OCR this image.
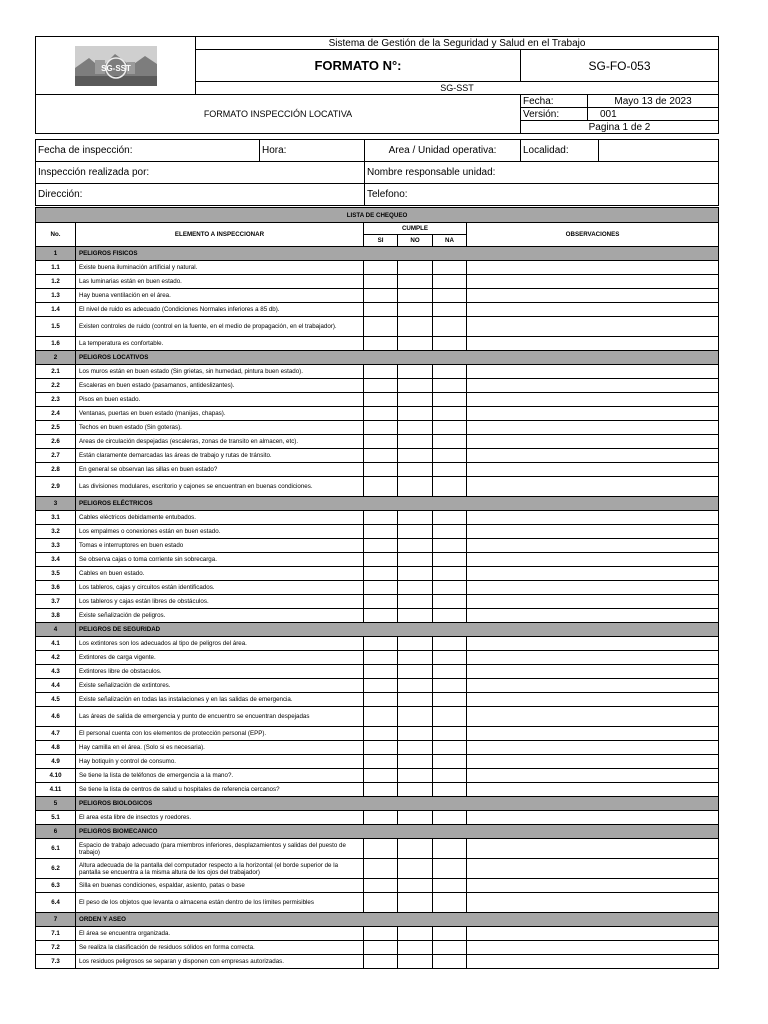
SG-SST	Sistema de Gestión de la Seguridad y Salud en el Trabajo		
	FORMATO N°:	SG-FO-053	
	SG-SST		
FORMATO INSPECCIÓN LOCATIVA		Fecha:	Mayo 13 de 2023
		Versión:	001
		Pagina 1 de 2	
Fecha de inspección:	Hora:	Area / Unidad operativa:	Localidad:	
Inspección realizada por:		Nombre responsable unidad:		
Dirección:		Telefono:		
LISTA DE CHEQUEO					
No.	ELEMENTO A INSPECCIONAR	CUMPLE			OBSERVACIONES
		SI	NO	NA	
1	PELIGROS FISICOS				
1.1	Existe buena iluminación artificial y natural.				
1.2	Las luminarias están en buen estado.				
1.3	Hay buena ventilación en el área.				
1.4	El nivel de ruido es adecuado (Condiciones Normales inferiores a 85 db).				
1.5	Existen controles de ruido (control en la fuente, en el medio de propagación, en el trabajador).				
1.6	La temperatura es confortable.				
2	PELIGROS LOCATIVOS				
2.1	Los muros están en buen estado (Sin grietas, sin humedad, pintura buen estado).				
2.2	Escaleras en buen estado (pasamanos, antideslizantes).				
2.3	Pisos en buen estado.				
2.4	Ventanas, puertas en buen estado (manijas, chapas).				
2.5	Techos en buen estado (Sin goteras).				
2.6	Areas de circulación despejadas (escaleras, zonas de transito en almacen, etc).				
2.7	Están claramente demarcadas las áreas de trabajo y rutas de tránsito.				
2.8	En general se observan las sillas en buen estado?				
2.9	Las divisiones modulares, escritorio y cajones se encuentran en buenas condiciones.				
3	PELIGROS ELÉCTRICOS				
3.1	Cables eléctricos debidamente entubados.				
3.2	Los empalmes o conexiones están en buen estado.				
3.3	Tomas e interruptores en buen estado				
3.4	Se observa cajas o toma corriente sin sobrecarga.				
3.5	Cables en buen estado.				
3.6	Los tableros, cajas y circuitos están identificados.				
3.7	Los tableros y cajas están libres de obstáculos.				
3.8	Existe señalización de peligros.				
4	PELIGROS DE SEGURIDAD				
4.1	Los extintores son los adecuados al tipo de peligros del área.				
4.2	Extintores de carga vigente.				
4.3	Extintores libre de obstaculos.				
4.4	Existe señalización de extintores.				
4.5	Existe señalización en todas las instalaciones y en las salidas de emergencia.				
4.6	Las áreas de salida de emergencia y punto de encuentro se encuentran despejadas				
4.7	El personal cuenta con los elementos de protección personal (EPP).				
4.8	Hay camilla en el área. (Solo si es necesaria).				
4.9	Hay botiquín y control de consumo.				
4.10	Se tiene la lista de teléfonos de emergencia a la mano?.				
4.11	Se tiene la lista de centros de salud u hospitales de referencia cercanos?				
5	PELIGROS BIOLOGICOS				
5.1	El area esta libre de insectos y roedores.				
6	PELIGROS BIOMECANICO				
6.1	Espacio de trabajo adecuado (para miembros inferiores, desplazamientos y salidas del puesto de trabajo)				
6.2	Altura adecuada de la pantalla del computador respecto a la horizontal (el borde superior de la pantalla se encuentra a la misma altura de los ojos del trabajador)				
6.3	Silla en buenas condiciones, espaldar, asiento, patas o base				
6.4	El peso de los objetos que levanta o almacena están dentro de los límites permisibles				
7	ORDEN Y ASEO				
7.1	El área se encuentra organizada.				
7.2	Se realiza la clasificación de residuos sólidos en forma correcta.				
7.3	Los residuos peligrosos se separan y disponen con empresas autorizadas.				
